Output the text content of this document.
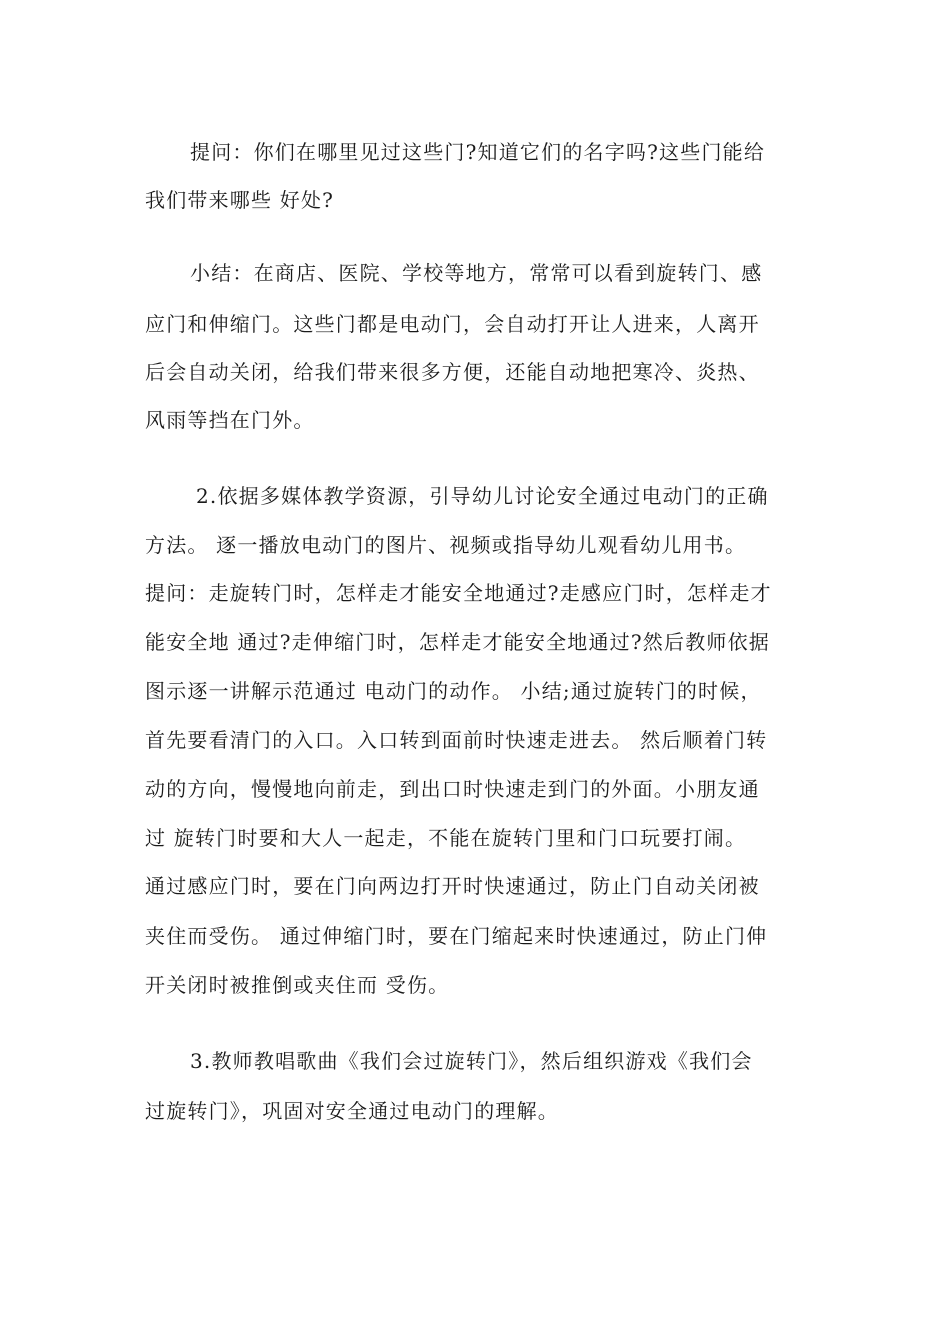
提问：你们在哪里见过这些门?知道它们的名字吗?这些门能给
我们带来哪些 好处?
小结：在商店、医院、学校等地方，常常可以看到旋转门、感
应门和伸缩门。这些门都是电动门，会自动打开让人进来，人离开
后会自动关闭，给我们带来很多方便，还能自动地把寒冷、炎热、
风雨等挡在门外。
2.依据多媒体教学资源，引导幼儿讨论安全通过电动门的正确
方法。 逐一播放电动门的图片、视频或指导幼儿观看幼儿用书。
提问：走旋转门时，怎样走才能安全地通过?走感应门时，怎样走才
能安全地 通过?走伸缩门时，怎样走才能安全地通过?然后教师依据
图示逐一讲解示范通过 电动门的动作。 小结;通过旋转门的时候，
首先要看清门的入口。入口转到面前时快速走进去。 然后顺着门转
动的方向，慢慢地向前走，到出口时快速走到门的外面。小朋友通
过 旋转门时要和大人一起走，不能在旋转门里和门口玩要打闹。
通过感应门时，要在门向两边打开时快速通过，防止门自动关闭被
夹住而受伤。 通过伸缩门时，要在门缩起来时快速通过，防止门伸
开关闭时被推倒或夹住而 受伤。
3.教师教唱歌曲《我们会过旋转门》，然后组织游戏《我们会
过旋转门》，巩固对安全通过电动门的理解。
